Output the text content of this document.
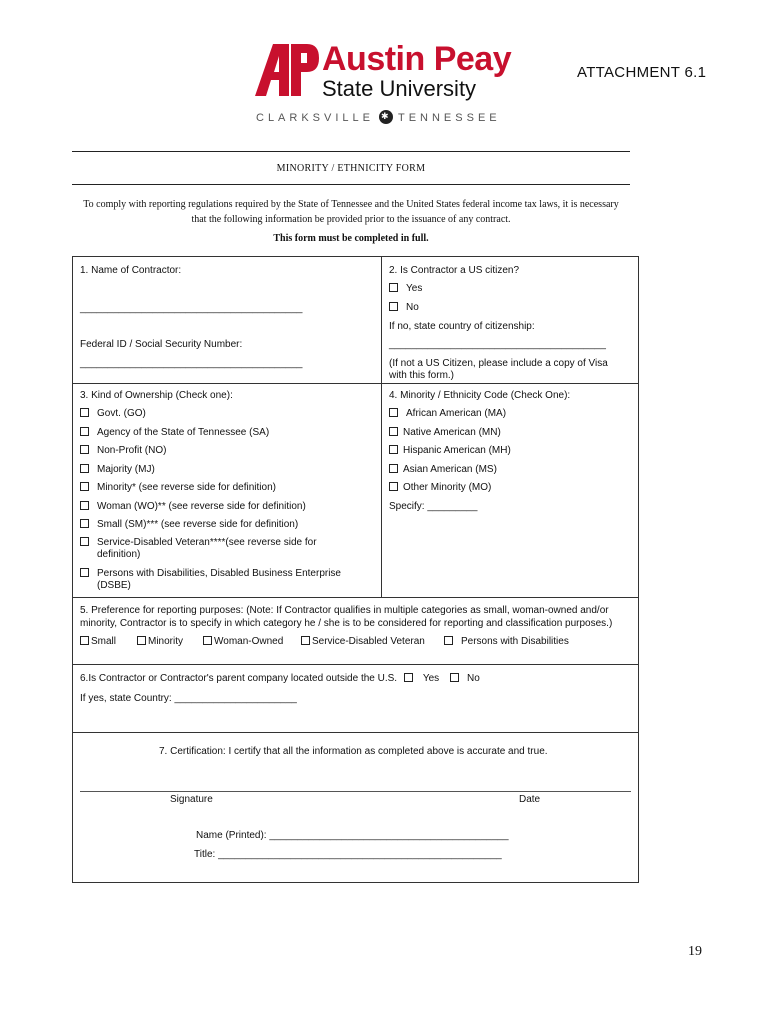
Austin Peay
State University
CLARKSVILLE✱ TENNESSEE
ATTACHMENT 6.1
MINORITY / ETHNICITY FORM
To comply with reporting regulations required by the State of Tennessee and the United States federal income tax laws, it is necessary
that the following information be provided prior to the issuance of any contract.
This form must be completed in full.
1. Name of Contractor:
________________________________________
Federal ID / Social Security Number:
________________________________________
2. Is Contractor a US citizen?
Yes
No
If no, state country of citizenship:
_______________________________________
(If not a US Citizen, please include a copy of Visa
with this form.)
3. Kind of Ownership (Check one):
Govt. (GO)
Agency of the State of Tennessee (SA)
Non-Profit (NO)
Majority (MJ)
Minority* (see reverse side for definition)
Woman (WO)** (see reverse side for definition)
Small (SM)*** (see reverse side for definition)
Service-Disabled Veteran****(see reverse side for
definition)
Persons with Disabilities, Disabled Business Enterprise
(DSBE)
4. Minority / Ethnicity Code (Check One):
African American (MA)
Native American (MN)
Hispanic American (MH)
Asian American (MS)
Other Minority (MO)
Specify: _________
5. Preference for reporting purposes: (Note: If Contractor qualifies in multiple categories as small, woman-owned and/or
minority, Contractor is to specify in which category he / she is to be considered for reporting and classification purposes.)
Small	Minority	Woman-Owned	Service-Disabled Veteran	Persons with Disabilities
6.Is Contractor or Contractor's parent company located outside the U.S.	Yes	No
If yes, state Country: ______________________
7. Certification: I certify that all the information as completed above is accurate and true.
Signature	Date
Name (Printed): ___________________________________________
Title: ___________________________________________________
19
